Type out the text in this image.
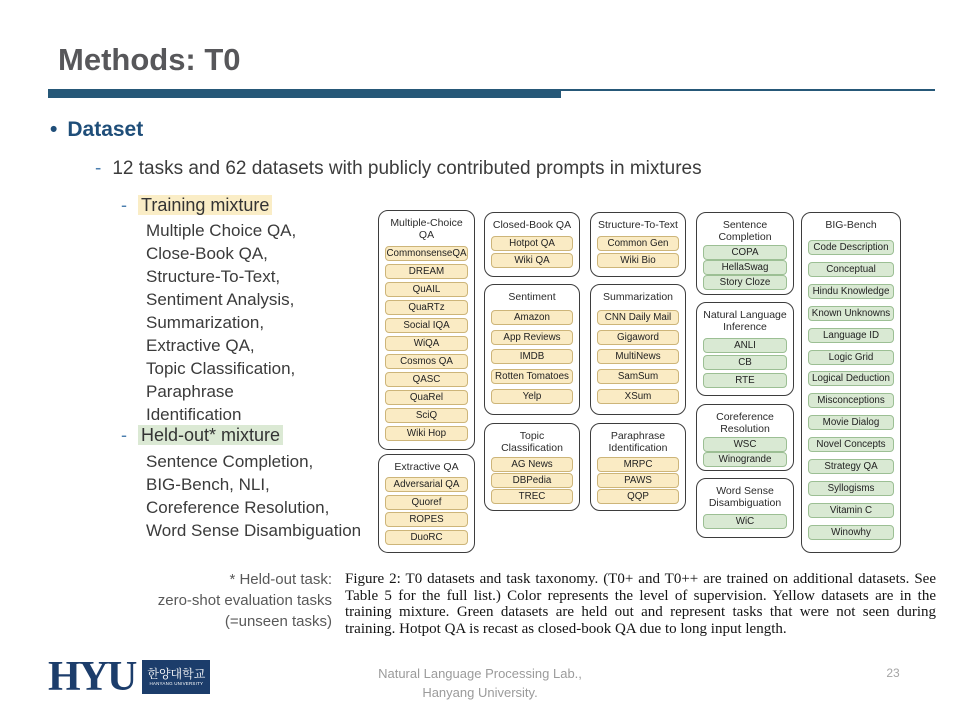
Methods: T0
• Dataset
- 12 tasks and 62 datasets with publicly contributed prompts in mixtures
- Training mixture
Multiple Choice QA,
Close-Book QA,
Structure-To-Text,
Sentiment Analysis,
Summarization,
Extractive QA,
Topic Classification,
Paraphrase
Identification
- Held-out* mixture
Sentence Completion,
BIG-Bench, NLI,
Coreference Resolution,
Word Sense Disambiguation
* Held-out task:
zero-shot evaluation tasks
(=unseen tasks)
Multiple-Choice QA
CommonsenseQA
DREAM
QuAIL
QuaRTz
Social IQA
WiQA
Cosmos QA
QASC
QuaRel
SciQ
Wiki Hop
Extractive QA
Adversarial QA
Quoref
ROPES
DuoRC
Closed-Book QA
Hotpot QA
Wiki QA
Sentiment
Amazon
App Reviews
IMDB
Rotten Tomatoes
Yelp
Topic Classification
AG News
DBPedia
TREC
Structure-To-Text
Common Gen
Wiki Bio
Summarization
CNN Daily Mail
Gigaword
MultiNews
SamSum
XSum
Paraphrase Identification
MRPC
PAWS
QQP
Sentence Completion
COPA
HellaSwag
Story Cloze
Natural Language Inference
ANLI
CB
RTE
Coreference Resolution
WSC
Winogrande
Word Sense Disambiguation
WiC
BIG-Bench
Code Description
Conceptual
Hindu Knowledge
Known Unknowns
Language ID
Logic Grid
Logical Deduction
Misconceptions
Movie Dialog
Novel Concepts
Strategy QA
Syllogisms
Vitamin C
Winowhy
Figure 2: T0 datasets and task taxonomy. (T0+ and T0++ are trained on additional datasets. See Table 5 for the full list.) Color represents the level of supervision. Yellow datasets are in the training mixture. Green datasets are held out and represent tasks that were not seen during training. Hotpot QA is recast as closed-book QA due to long input length.
HYU 한양대학교
HANYANG UNIVERSITY
Natural Language Processing Lab.,
Hanyang University.
23
